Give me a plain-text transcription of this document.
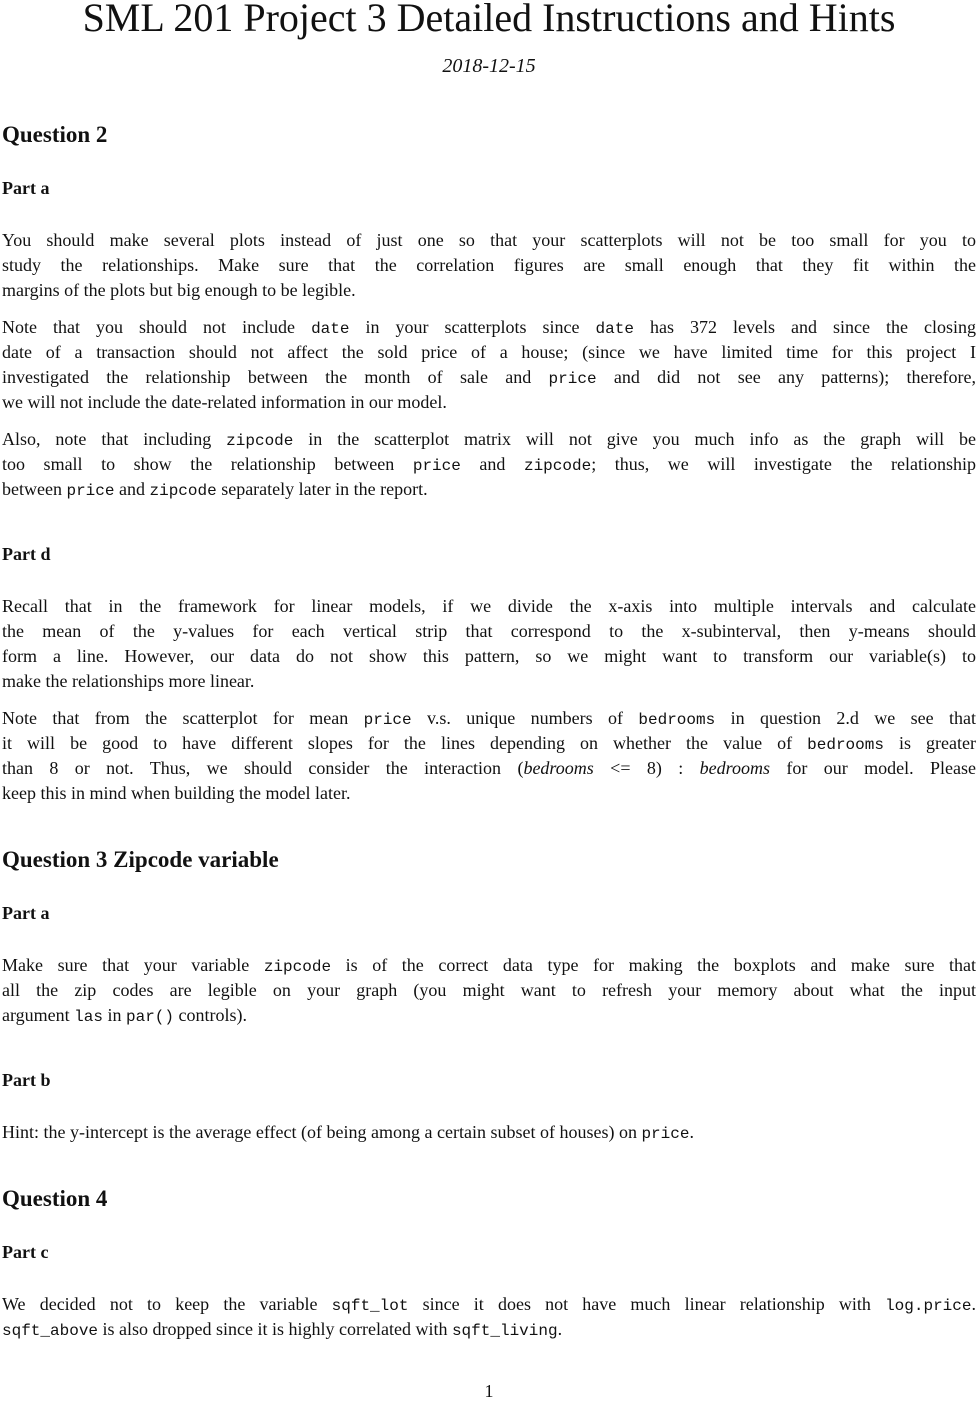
SML 201 Project 3 Detailed Instructions and Hints
2018-12-15
1
Question 2
Part a
You should make several plots instead of just one so that your scatterplots will not be too small for you to
study the relationships. Make sure that the correlation figures are small enough that they fit within the
margins of the plots but big enough to be legible.
Note that you should not include date in your scatterplots since date has 372 levels and since the closing
date of a transaction should not affect the sold price of a house; (since we have limited time for this project I
investigated the relationship between the month of sale and price and did not see any patterns); therefore,
we will not include the date-related information in our model.
Also, note that including zipcode in the scatterplot matrix will not give you much info as the graph will be
too small to show the relationship between price and zipcode; thus, we will investigate the relationship
between price and zipcode separately later in the report.
Part d
Recall that in the framework for linear models, if we divide the x-axis into multiple intervals and calculate
the mean of the y-values for each vertical strip that correspond to the x-subinterval, then y-means should
form a line. However, our data do not show this pattern, so we might want to transform our variable(s) to
make the relationships more linear.
Note that from the scatterplot for mean price v.s. unique numbers of bedrooms in question 2.d we see that
it will be good to have different slopes for the lines depending on whether the value of bedrooms is greater
than 8 or not. Thus, we should consider the interaction (bedrooms <= 8) : bedrooms for our model. Please
keep this in mind when building the model later.
Question 3 Zipcode variable
Part a
Make sure that your variable zipcode is of the correct data type for making the boxplots and make sure that
all the zip codes are legible on your graph (you might want to refresh your memory about what the input
argument las in par() controls).
Part b
Hint: the y-intercept is the average effect (of being among a certain subset of houses) on price.
Question 4
Part c
We decided not to keep the variable sqft_lot since it does not have much linear relationship with log.price.
sqft_above is also dropped since it is highly correlated with sqft_living.
